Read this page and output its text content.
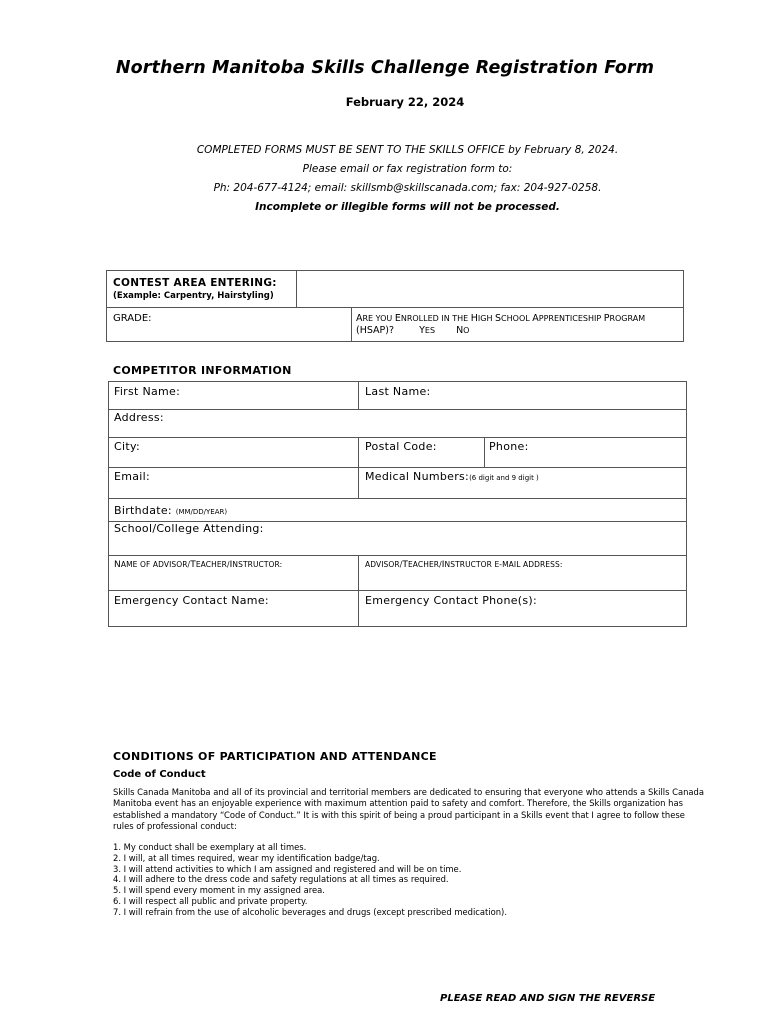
Northern Manitoba Skills Challenge Registration Form
February 22, 2024
COMPLETED FORMS MUST BE SENT TO THE SKILLS OFFICE by February 8, 2024.
Please email or fax registration form to:
Ph: 204-677-4124; email: skillsmb@skillscanada.com; fax: 204-927-0258.
Incomplete or illegible forms will not be processed.
CONTEST AREA ENTERING:
(Example: Carpentry, Hairstyling)
GRADE:	ARE YOU ENROLLED IN THE HIGH SCHOOL APPRENTICESHIP PROGRAM
(HSAP)?	YES NO
COMPETITOR INFORMATION
First Name:	Last Name:
Address:
City:	Postal Code:	Phone:
Email:	Medical Numbers:(6 digit and 9 digit )
Birthdate: (MM/DD/YEAR)
School/College Attending:
NAME OF ADVISOR/TEACHER/INSTRUCTOR:	ADVISOR/TEACHER/INSTRUCTOR E-MAIL ADDRESS:
Emergency Contact Name:	Emergency Contact Phone(s):
CONDITIONS OF PARTICIPATION AND ATTENDANCE
Code of Conduct
Skills Canada Manitoba and all of its provincial and territorial members are dedicated to ensuring that everyone who attends a Skills Canada Manitoba event has an enjoyable experience with maximum attention paid to safety and comfort. Therefore, the Skills organization has established a mandatory “Code of Conduct.” It is with this spirit of being a proud participant in a Skills event that I agree to follow these rules of professional conduct:
1. My conduct shall be exemplary at all times.
2. I will, at all times required, wear my identification badge/tag.
3. I will attend activities to which I am assigned and registered and will be on time.
4. I will adhere to the dress code and safety regulations at all times as required.
5. I will spend every moment in my assigned area.
6. I will respect all public and private property.
7. I will refrain from the use of alcoholic beverages and drugs (except prescribed medication).
PLEASE READ AND SIGN THE REVERSE
